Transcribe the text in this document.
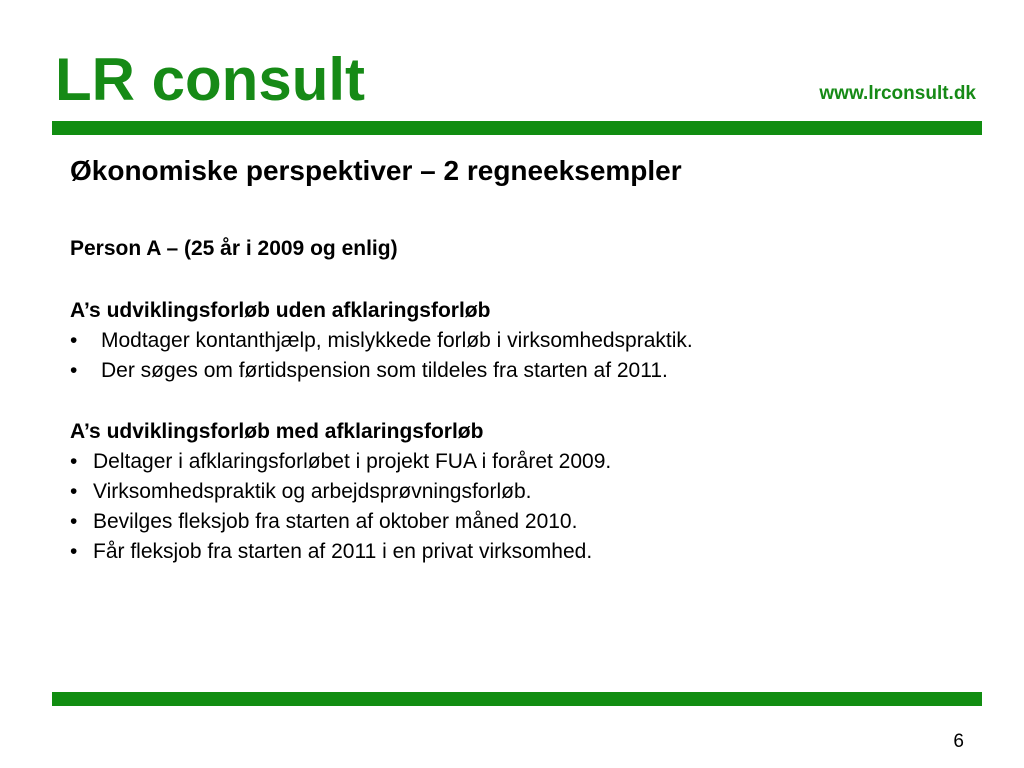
LR consult	www.lrconsult.dk
Økonomiske perspektiver – 2 regneeksempler

Person A – (25 år i 2009 og enlig)

A’s udviklingsforløb uden afklaringsforløb

•	Modtager kontanthjælp, mislykkede forløb i virksomhedspraktik.
•	Der søges om førtidspension som tildeles fra starten af 2011.

A’s udviklingsforløb med afklaringsforløb

• Deltager i afklaringsforløbet i projekt FUA i foråret 2009.
• Virksomhedspraktik og arbejdsprøvningsforløb.
• Bevilges fleksjob fra starten af oktober måned 2010.
• Får fleksjob fra starten af 2011 i en privat virksomhed.
6
